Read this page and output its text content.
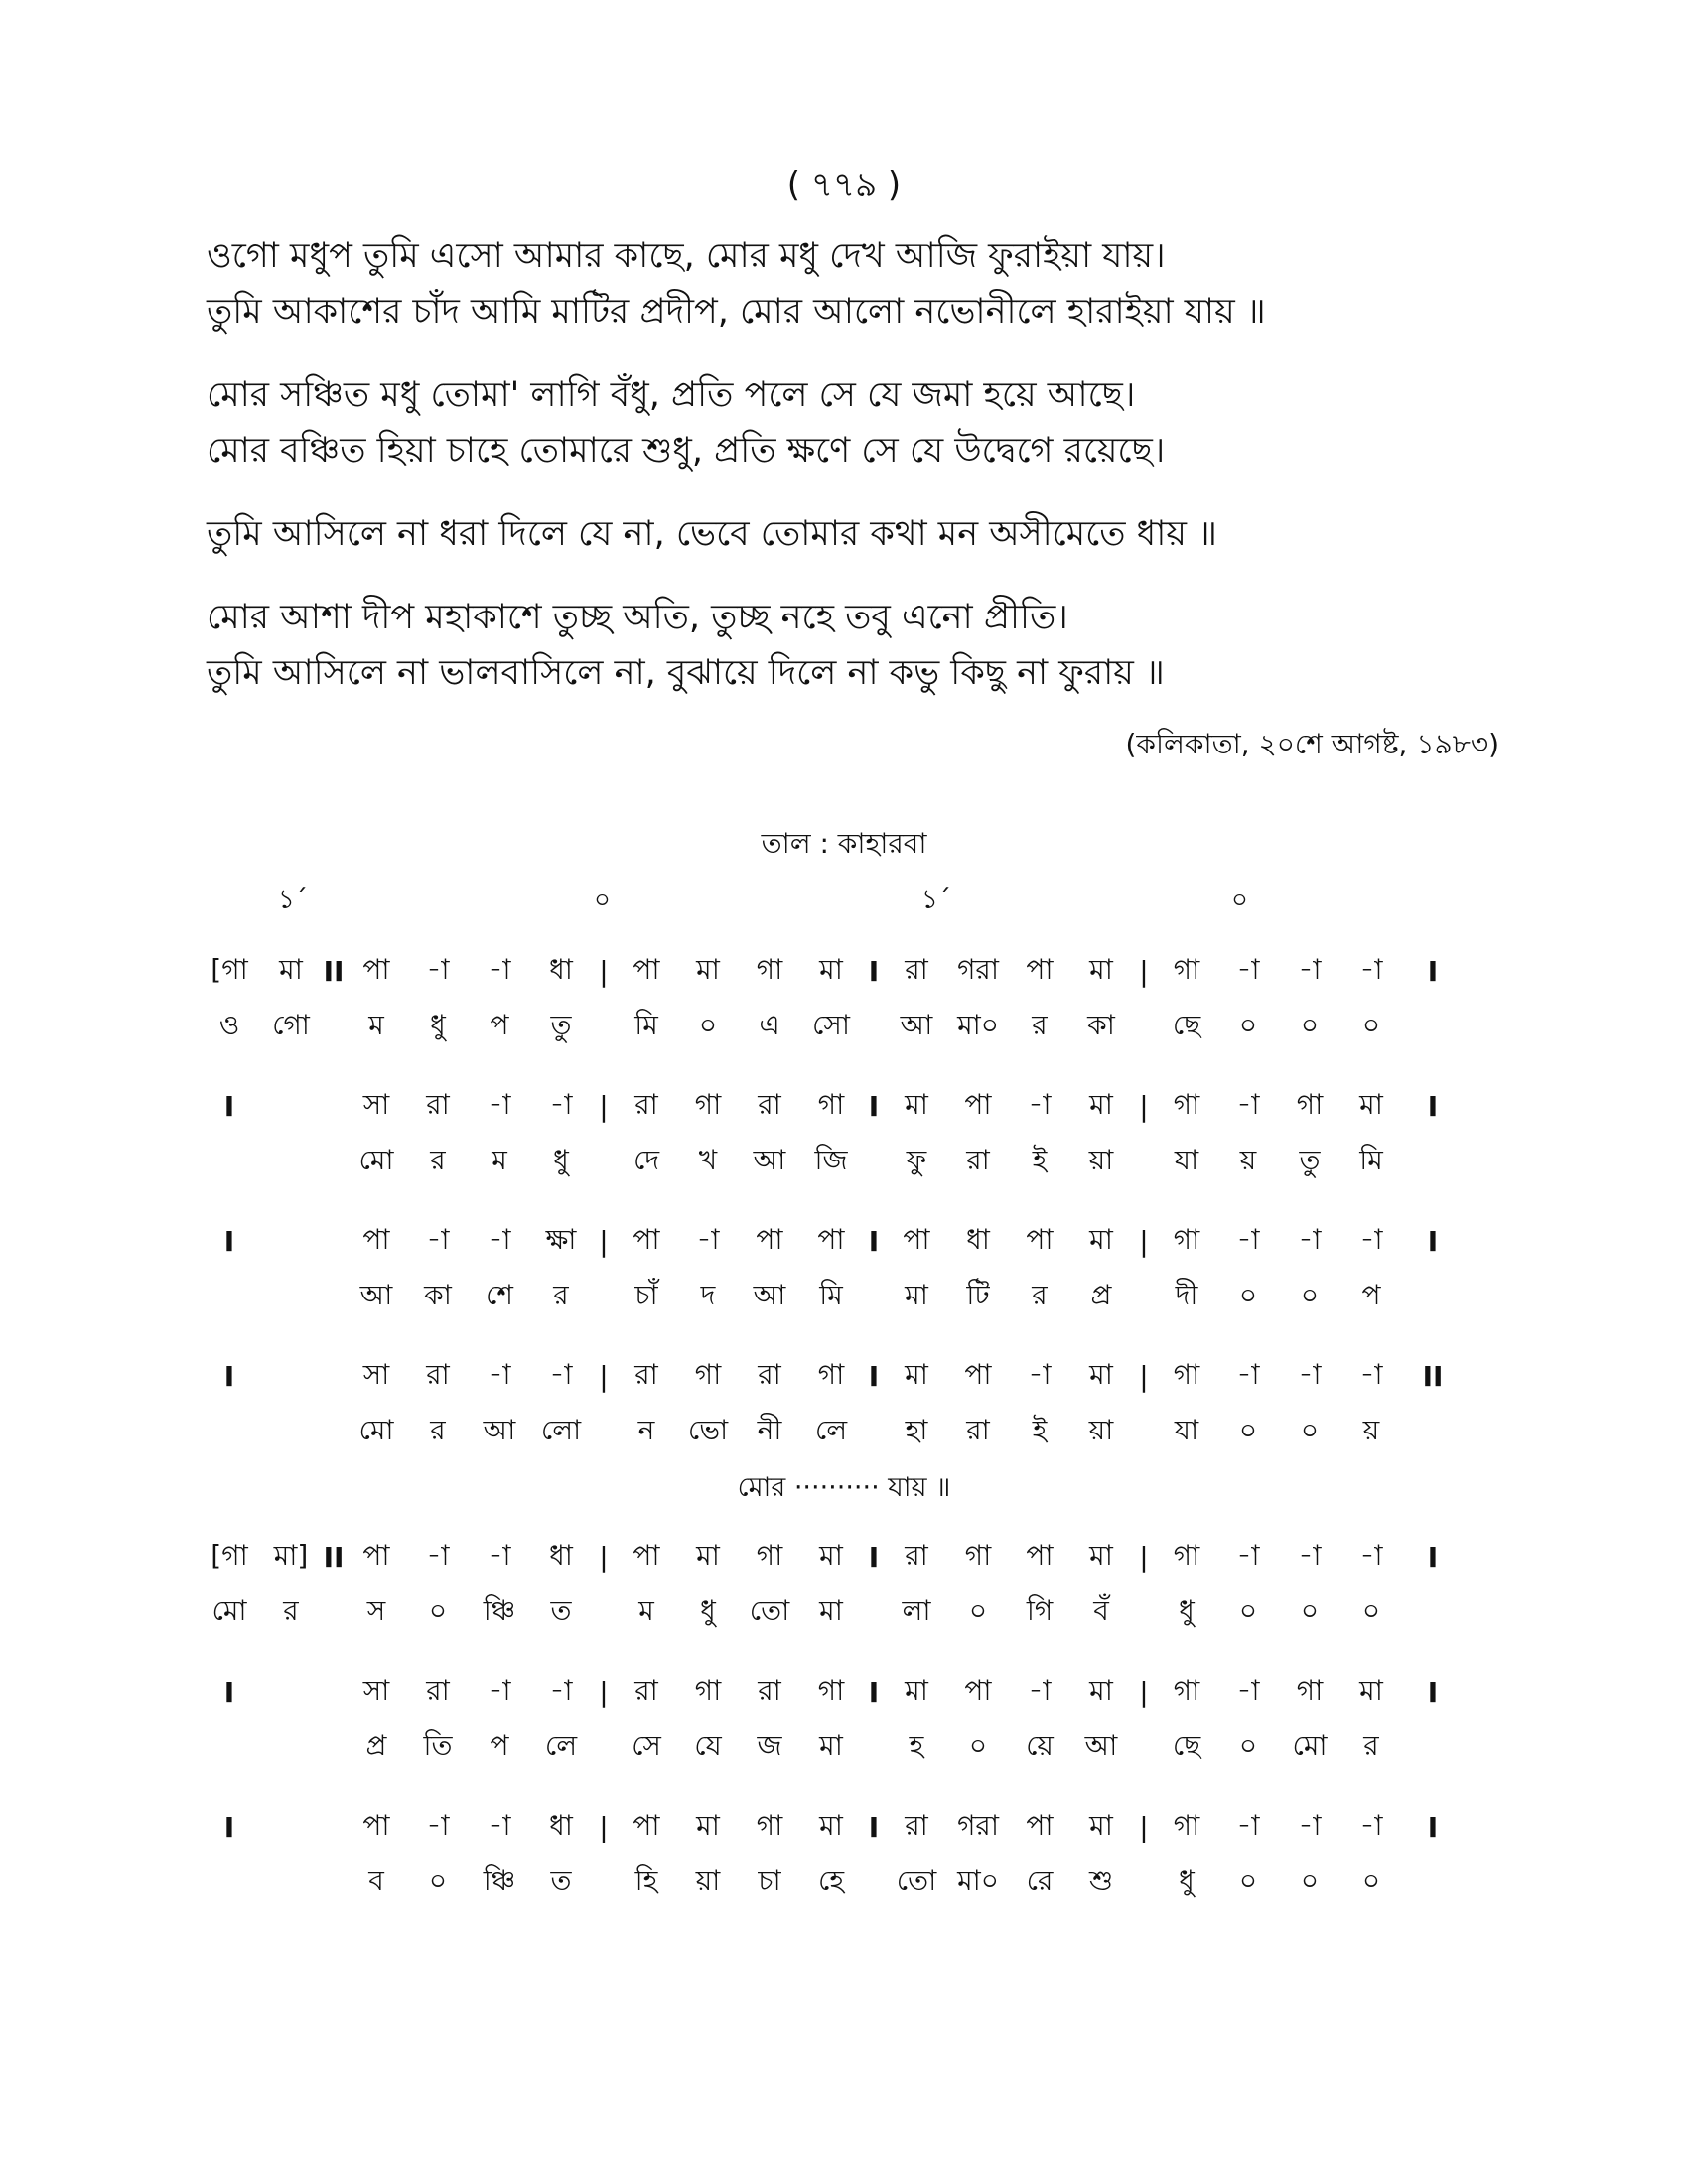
( ৭৭৯ )
ওগো মধুপ তুমি এসো আমার কাছে, মোর মধু দেখ আজি ফুরাইয়া যায়।
তুমি আকাশের চাঁদ আমি মাটির প্রদীপ, মোর আলো নভোনীলে হারাইয়া যায় ॥
মোর সঞ্চিত মধু তোমা' লাগি বঁধু, প্রতি পলে সে যে জমা হয়ে আছে।
মোর বঞ্চিত হিয়া চাহে তোমারে শুধু, প্রতি ক্ষণে সে যে উদ্বেগে রয়েছে।
তুমি আসিলে না ধরা দিলে যে না, ভেবে তোমার কথা মন অসীমেতে ধায় ॥
মোর আশা দীপ মহাকাশে তুচ্ছ অতি, তুচ্ছ নহে তবু এনো প্রীতি।
তুমি আসিলে না ভালবাসিলে না, বুঝায়ে দিলে না কভু কিছু না ফুরায় ॥
(কলিকাতা, ২০শে আগষ্ট, ১৯৮৩)
তাল : কাহারবা
১´	০	১´	০
[গা	মা II পা	-া	-া	ধা | পা	মা	গা	মা I রা	গরা পা	মা | গা	-া	-া	-া	I
ও	গো	ম	ধু	প	তু	মি	০	এ	সো	আ মা০	র	কা	ছে	০	০	০
I	সা	রা	-া	-া | রা	গা	রা	গা I মা	পা	-া	মা | গা	-া	গা	মা	I
মো	র	ম	ধু	দে	খ	আ	জি	ফু	রা	ই	য়া	যা	য়	তু	মি
I	পা	-া	-া	ক্ষা | পা	-া	পা	পা I পা	ধা	পা	মা | গা	-া	-া	-া	I
আ	কা	শে	র	চাঁ	দ	আ	মি	মা	টি	র	প্র	দী	০	০	প
I	সা	রা	-া	-া | রা	গা	রা	গা I মা	পা	-া	মা | গা	-া	-া	-া	II
মো	র	আ লো	ন	ভো	নী	লে	হা	রা	ই	য়া	যা	০	০	য়
[গা মা] II পা	-া	-া	ধা | পা	মা	গা	মা I রা	গা	পা	মা | গা	-া	-া	-া	I
মো	র	স	০	ঞ্চি	ত	ম	ধু	তো	মা	লা	০	গি	বঁ	ধু	০	০	০
I	সা	রা	-া	-া | রা	গা	রা	গা I মা	পা	-া	মা | গা	-া	গা	মা	I
প্র	তি	প	লে	সে	যে	জ	মা	হ	০	য়ে	আ	ছে	০	মো	র
I	পা	-া	-া	ধা | পা	মা	গা	মা I রা	গরা পা	মা | গা	-া	-া	-া	I
ব	০	ঞ্চি	ত	হি	য়া	চা	হে	তো মা০ রে	শু	ধু	০	০	০
মোর ·········· যায় ॥
